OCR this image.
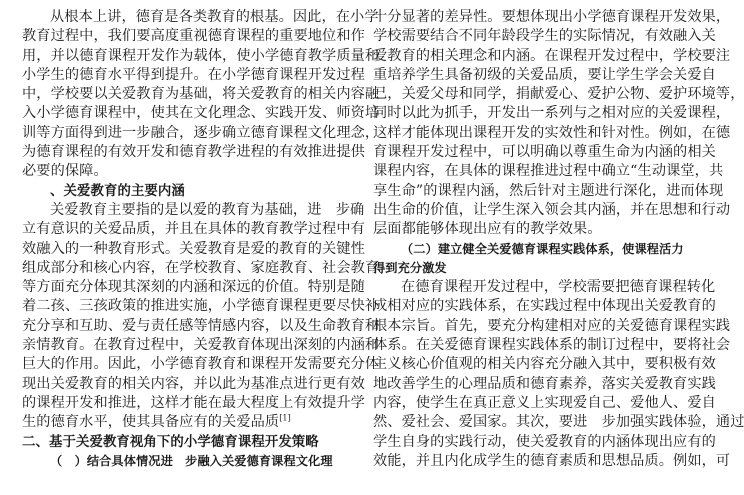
从根本上讲，德育是各类教育的根基。因此，在小学
教育过程中，我们要高度重视德育课程的重要地位和作
用，并以德育课程开发作为载体，使小学德育教学质量和
小学生的德育水平得到提升。在小学德育课程开发过程
中，学校要以关爱教育为基础，将关爱教育的相关内容融
入小学德育课程中，使其在文化理念、实践开发、师资培
训等方面得到进一步融合，逐步确立德育课程文化理念，
为德育课程的有效开发和德育教学进程的有效推进提供
必要的保障。
、关爱教育的主要内涵
关爱教育主要指的是以爱的教育为基础，进　步确
立有意识的关爱品质，并且在具体的教育教学过程中有
效融入的一种教育形式。关爱教育是爱的教育的关键性
组成部分和核心内容，在学校教育、家庭教育、社会教育
等方面充分体现其深刻的内涵和深远的价值。特别是随
着二孩、三孩政策的推进实施，小学德育课程更要尽快补
充分享和互助、爱与责任感等情感内容，以及生命教育和
亲情教育。在教育过程中，关爱教育体现出深刻的内涵和
巨大的作用。因此，小学德育教育和课程开发需要充分体
现出关爱教育的相关内容，并以此为基准点进行更有效
的课程开发和推进，这样才能在最大程度上有效提升学
生的德育水平，使其具备应有的关爱品质[1]
二、基于关爱教育视角下的小学德育课程开发策略
（　）结合具体情况进　步融入关爱德育课程文化理
十分显著的差异性。要想体现出小学德育课程开发效果，
学校需要结合不同年龄段学生的实际情况，有效融入关
爱教育的相关理念和内涵。在课程开发过程中，学校要注
重培养学生具备初级的关爱品质，要让学生学会关爱自
己，关爱父母和同学，捐献爱心、爱护公物、爱护环境等，
同时以此为抓手，开发出一系列与之相对应的关爱课程，
这样才能体现出课程开发的实效性和针对性。例如，在德
育课程开发过程中，可以明确以尊重生命为内涵的相关
课程内容，在具体的课程推进过程中确立“生动课堂，共
享生命”的课程内涵，然后针对主题进行深化，进而体现
出生命的价值，让学生深入领会其内涵，并在思想和行动
层面都能够体现出应有的教学效果。
（二）建立健全关爱德育课程实践体系，使课程活力
得到充分激发
在德育课程开发过程中，学校需要把德育课程转化
成相对应的实践体系，在实践过程中体现出关爱教育的
根本宗旨。首先，要充分构建相对应的关爱德育课程实践
体系。在关爱德育课程实践体系的制订过程中，要将社会
主义核心价值观的相关内容充分融入其中，要积极有效
地改善学生的心理品质和德育素养，落实关爱教育实践
内容，使学生在真正意义上实现爱自己、爱他人、爱自
然、爱社会、爱国家。其次，要进　步加强实践体验，通过
学生自身的实践行动，使关爱教育的内涵体现出应有的
效能，并且内化成学生的德育素质和思想品质。例如，可
